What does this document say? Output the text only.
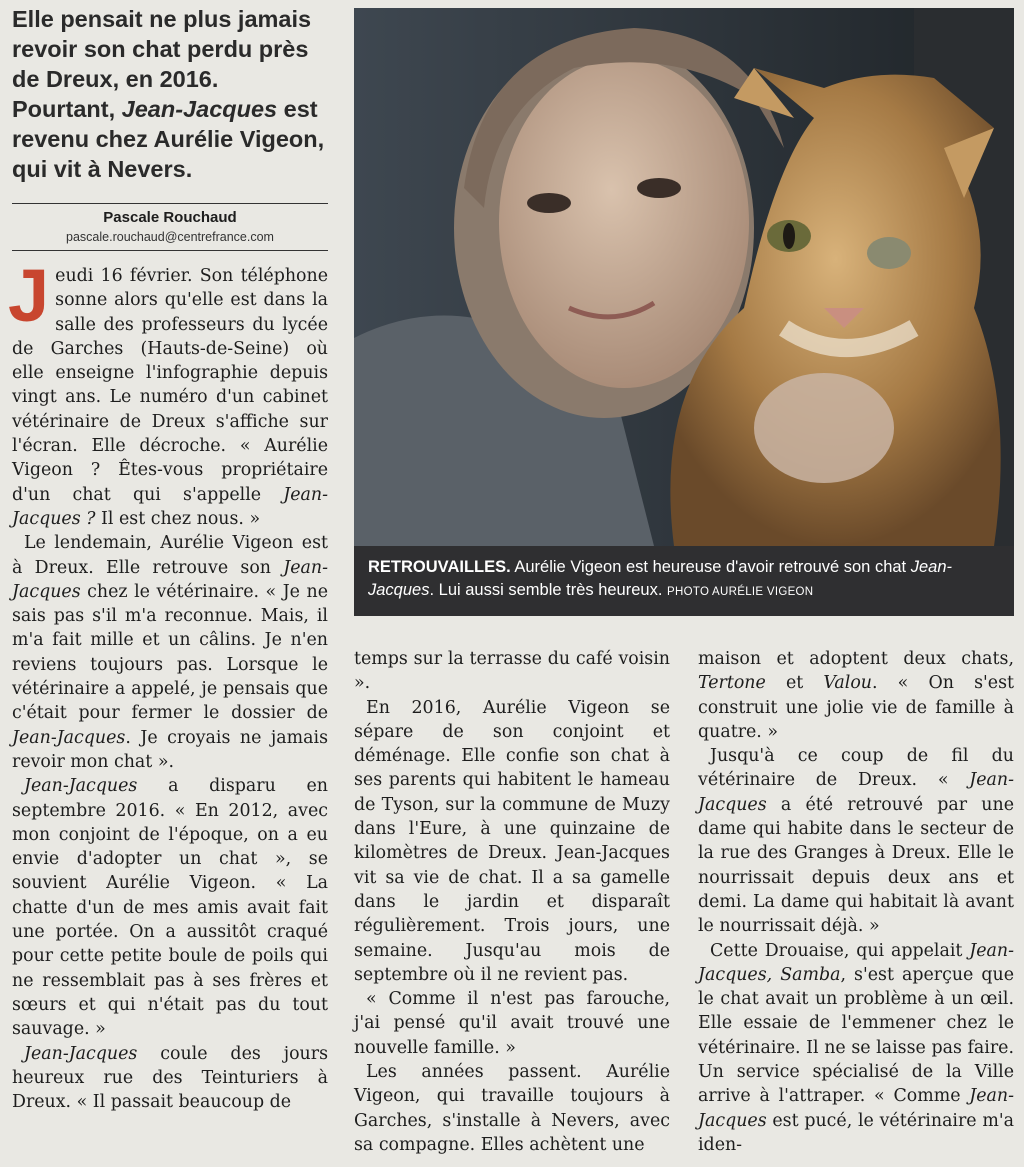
Elle pensait ne plus jamais revoir son chat perdu près de Dreux, en 2016.

Pourtant, Jean-Jacques est revenu chez Aurélie Vigeon, qui vit à Nevers.

Pascale Rouchaud
pascale.rouchaud@centrefrance.com
RETROUVAILLES. Aurélie Vigeon est heureuse d'avoir retrouvé son chat Jean-Jacques. Lui aussi semble très heureux. PHOTO AURÉLIE VIGEON

Jeudi 16 février. Son téléphone sonne alors qu'elle est dans la salle des professeurs du lycée de Garches (Hauts-de-Seine) où elle enseigne l'infographie depuis vingt ans. Le numéro d'un cabinet vétérinaire de Dreux s'affiche sur l'écran. Elle décroche. « Aurélie Vigeon ? Êtes-vous propriétaire d'un chat qui s'appelle Jean-Jacques ? Il est chez nous. »

Le lendemain, Aurélie Vigeon est à Dreux. Elle retrouve son Jean-Jacques chez le vétérinaire. « Je ne sais pas s'il m'a reconnue. Mais, il m'a fait mille et un câlins. Je n'en reviens toujours pas. Lorsque le vétérinaire a appelé, je pensais que c'était pour fermer le dossier de Jean-Jacques. Je croyais ne jamais revoir mon chat ».

Jean-Jacques a disparu en septembre 2016. « En 2012, avec mon conjoint de l'époque, on a eu envie d'adopter un chat », se souvient Aurélie Vigeon. « La chatte d'un de mes amis avait fait une portée. On a aussitôt craqué pour cette petite boule de poils qui ne ressemblait pas à ses frères et sœurs et qui n'était pas du tout sauvage. »

Jean-Jacques coule des jours heureux rue des Teinturiers à Dreux. « Il passait beaucoup de

temps sur la terrasse du café voisin ».

En 2016, Aurélie Vigeon se sépare de son conjoint et déménage. Elle confie son chat à ses parents qui habitent le hameau de Tyson, sur la commune de Muzy dans l'Eure, à une quinzaine de kilomètres de Dreux. Jean-Jacques vit sa vie de chat. Il a sa gamelle dans le jardin et disparaît régulièrement. Trois jours, une semaine. Jusqu'au mois de septembre où il ne revient pas.

« Comme il n'est pas farouche, j'ai pensé qu'il avait trouvé une nouvelle famille. »

Les années passent. Aurélie Vigeon, qui travaille toujours à Garches, s'installe à Nevers, avec sa compagne. Elles achètent une

maison et adoptent deux chats, Tertone et Valou. « On s'est construit une jolie vie de famille à quatre. »

Jusqu'à ce coup de fil du vétérinaire de Dreux. « Jean-Jacques a été retrouvé par une dame qui habite dans le secteur de la rue des Granges à Dreux. Elle le nourrissait depuis deux ans et demi. La dame qui habitait là avant le nourrissait déjà. »

Cette Drouaise, qui appelait Jean-Jacques, Samba, s'est aperçue que le chat avait un problème à un œil. Elle essaie de l'emmener chez le vétérinaire. Il ne se laisse pas faire. Un service spécialisé de la Ville arrive à l'attraper. « Comme Jean-Jacques est pucé, le vétérinaire m'a iden-
